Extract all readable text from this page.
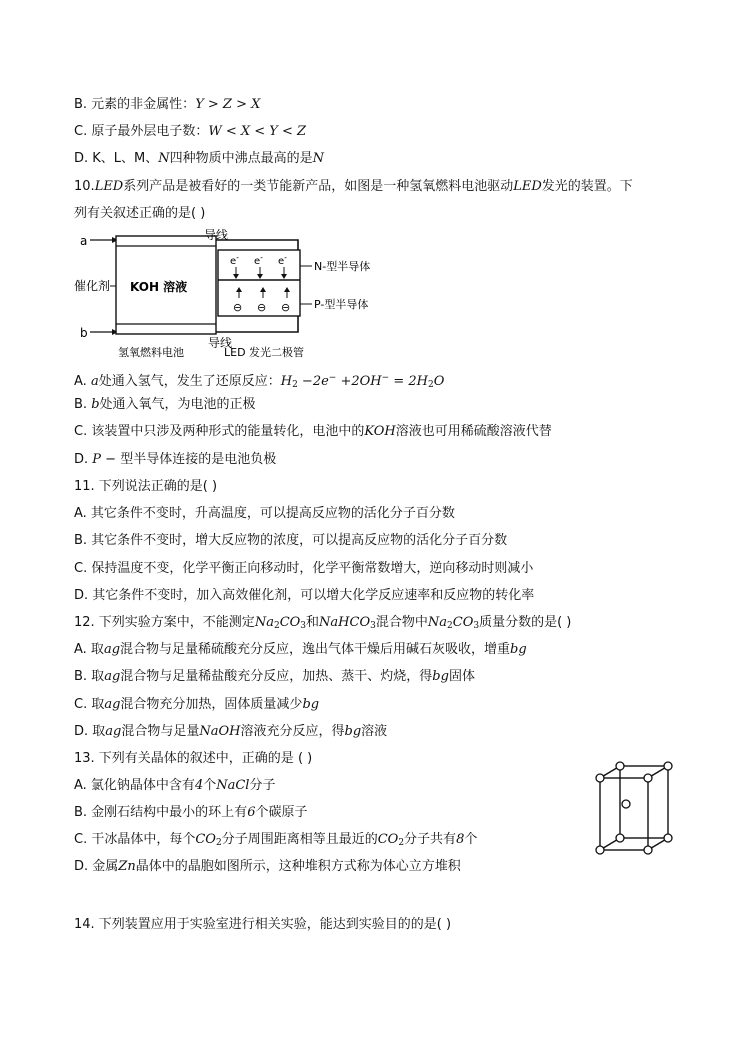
B. 元素的非金属性：Y > Z > X
C. 原子最外层电子数：W < X < Y < Z
D. K、L、M、N四种物质中沸点最高的是N
10.LED系列产品是被看好的一类节能新产品，如图是一种氢氧燃料电池驱动LED发光的装置。下
列有关叙述正确的是( )
a
b
催化剂 KOH 溶液
导线
导线
e- e- e-
⊖ ⊖ ⊖
N-型半导体
P-型半导体
氢氧燃料电池	LED 发光二极管
A. a处通入氢气，发生了还原反应：$H_2 -2e^- +2OH^- = 2H_2O$
B. b处通入氧气，为电池的正极
C. 该装置中只涉及两种形式的能量转化，电池中的KOH溶液也可用稀硫酸溶液代替
D. P − 型半导体连接的是电池负极
11. 下列说法正确的是( )
A. 其它条件不变时，升高温度，可以提高反应物的活化分子百分数
B. 其它条件不变时，增大反应物的浓度，可以提高反应物的活化分子百分数
C. 保持温度不变，化学平衡正向移动时，化学平衡常数增大，逆向移动时则减小
D. 其它条件不变时，加入高效催化剂，可以增大化学反应速率和反应物的转化率
12. 下列实验方案中，不能测定$Na_2CO_3$和NaHCO$_3$混合物中$Na_2CO_3$质量分数的是( )
A. 取ag混合物与足量稀硫酸充分反应，逸出气体干燥后用碱石灰吸收，增重bg
B. 取ag混合物与足量稀盐酸充分反应，加热、蒸干、灼烧，得bg固体
C. 取ag混合物充分加热，固体质量减少bg
D. 取ag混合物与足量NaOH溶液充分反应，得bg溶液
13. 下列有关晶体的叙述中，正确的是 ( )
A. 氯化钠晶体中含有4个NaCl分子
B. 金刚石结构中最小的环上有6个碳原子
C. 干冰晶体中，每个$CO_2$分子周围距离相等且最近的$CO_2$分子共有8个
D. 金属Zn晶体中的晶胞如图所示，这种堆积方式称为体心立方堆积
14. 下列装置应用于实验室进行相关实验，能达到实验目的的是( )
